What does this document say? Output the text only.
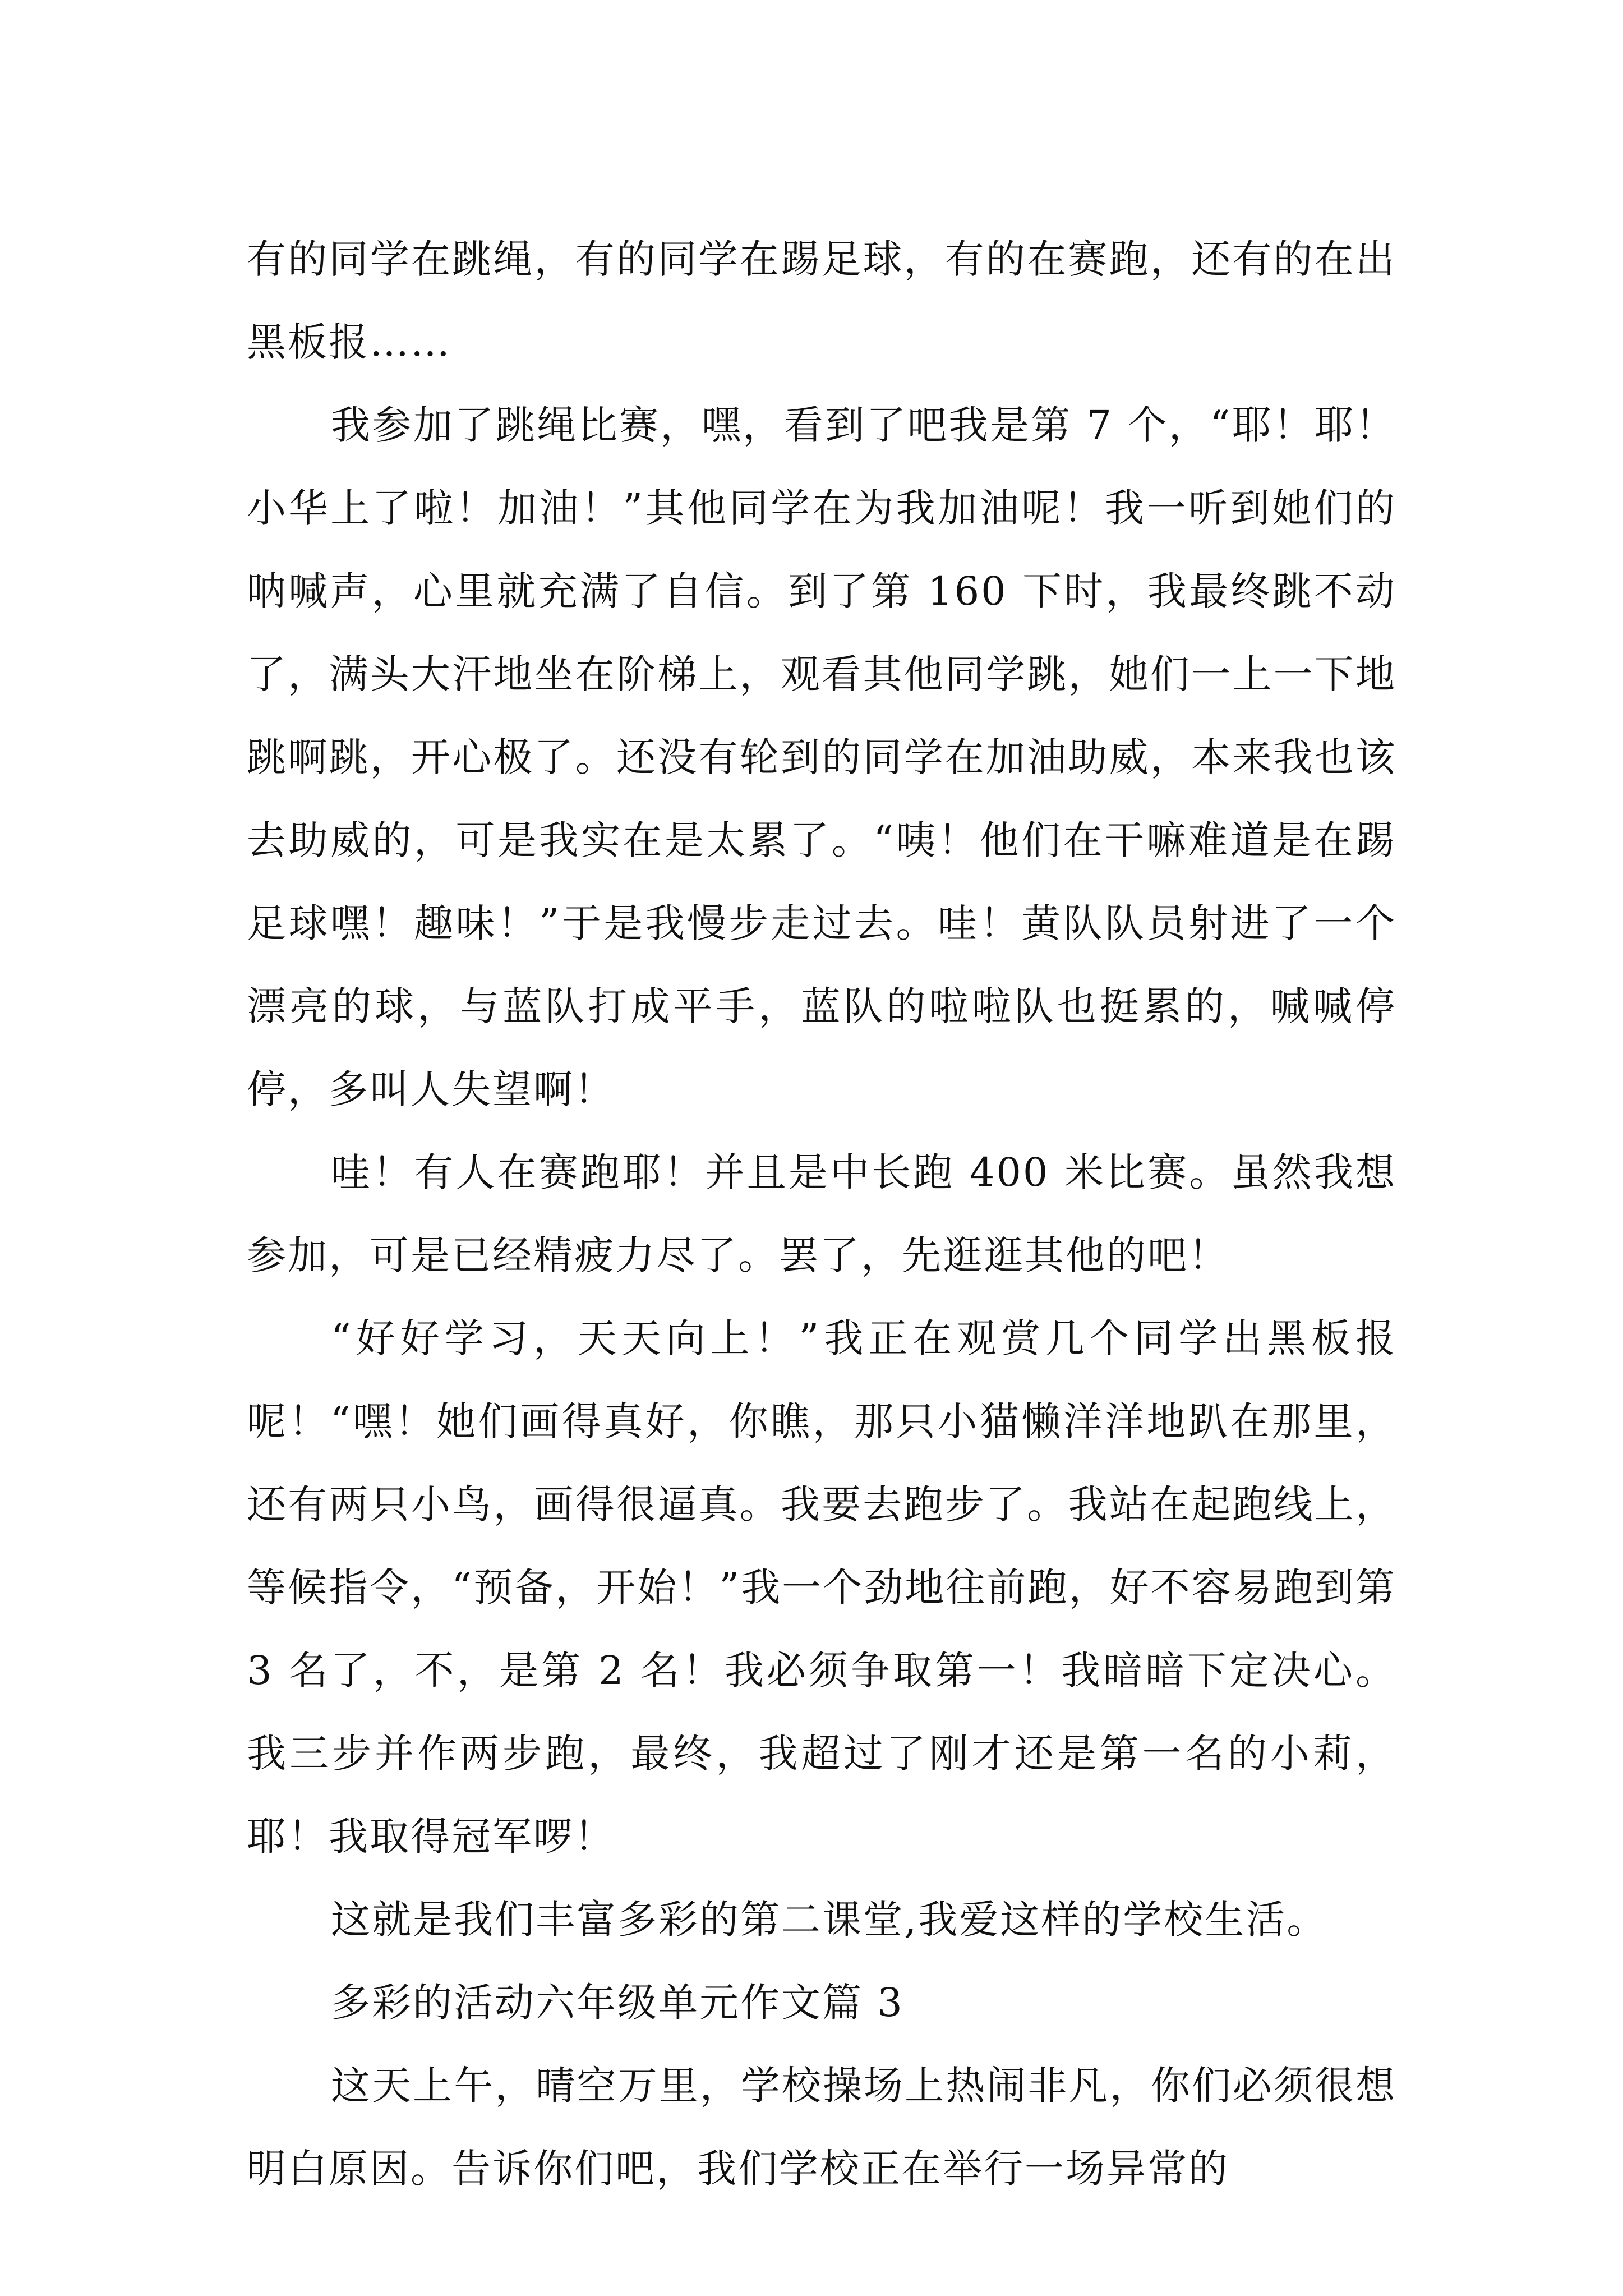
有的同学在跳绳，有的同学在踢足球，有的在赛跑，还有的在出黑板报……

我参加了跳绳比赛，嘿，看到了吧我是第 7 个，“耶！耶！小华上了啦！加油！”其他同学在为我加油呢！我一听到她们的呐喊声，心里就充满了自信。到了第 160 下时，我最终跳不动了，满头大汗地坐在阶梯上，观看其他同学跳，她们一上一下地跳啊跳，开心极了。还没有轮到的同学在加油助威，本来我也该去助威的，可是我实在是太累了。“咦！他们在干嘛难道是在踢足球嘿！趣味！”于是我慢步走过去。哇！黄队队员射进了一个漂亮的球，与蓝队打成平手，蓝队的啦啦队也挺累的，喊喊停停，多叫人失望啊！

哇！有人在赛跑耶！并且是中长跑 400 米比赛。虽然我想参加，可是已经精疲力尽了。罢了，先逛逛其他的吧！

“好好学习，天天向上！”我正在观赏几个同学出黑板报呢！“嘿！她们画得真好，你瞧，那只小猫懒洋洋地趴在那里，还有两只小鸟，画得很逼真。我要去跑步了。我站在起跑线上，等候指令，“预备，开始！”我一个劲地往前跑，好不容易跑到第 3 名了，不，是第 2 名！我必须争取第一！我暗暗下定决心。我三步并作两步跑，最终，我超过了刚才还是第一名的小莉，耶！我取得冠军啰！

这就是我们丰富多彩的第二课堂,我爱这样的学校生活。

多彩的活动六年级单元作文篇 3

这天上午，晴空万里，学校操场上热闹非凡，你们必须很想明白原因。告诉你们吧，我们学校正在举行一场异常的
